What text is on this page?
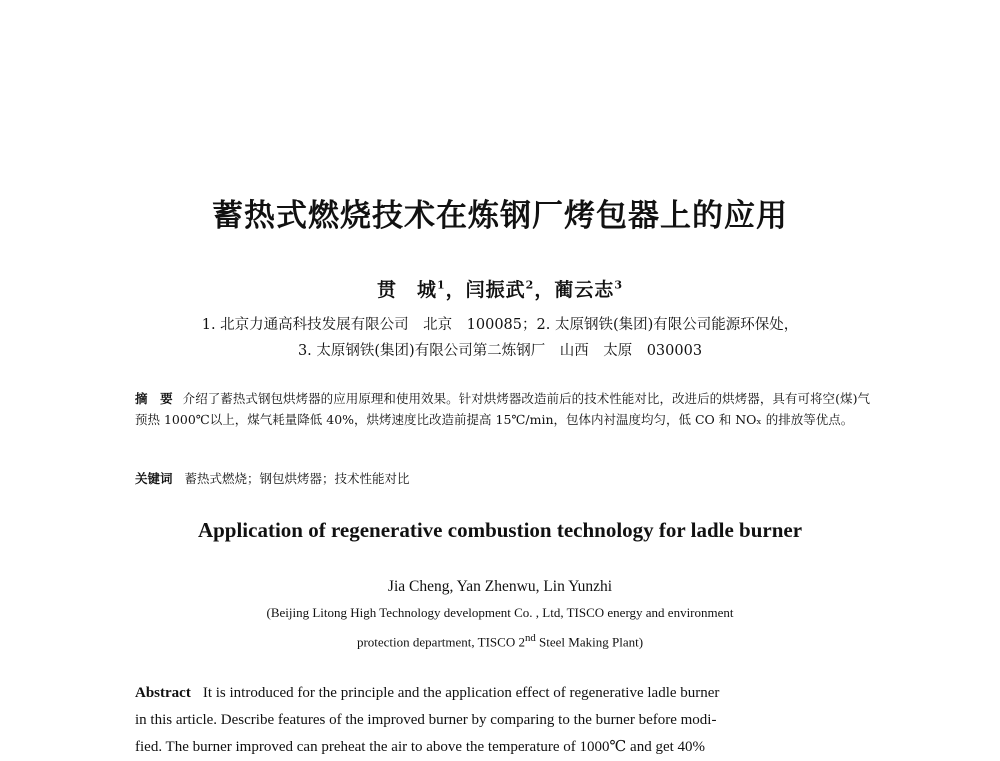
蓄热式燃烧技术在炼钢厂烤包器上的应用
贯　城$^1$，闫振武$^2$，蔺云志$^3$
1. 北京力通高科技发展有限公司　北京　100085；2. 太原钢铁(集团)有限公司能源环保处，
3. 太原钢铁(集团)有限公司第二炼钢厂　山西　太原　030003
摘　要 介绍了蓄热式钢包烘烤器的应用原理和使用效果。针对烘烤器改造前后的技术性能对比，改进后的烘烤器，具有可将空(煤)气预热 1000℃以上，煤气耗量降低 40%，烘烤速度比改造前提高 15℃/min，包体内衬温度均匀，低 CO 和 NOₓ 的排放等优点。
关键词 蓄热式燃烧；钢包烘烤器；技术性能对比
Application of regenerative combustion technology for ladle burner
Jia Cheng, Yan Zhenwu, Lin Yunzhi
(Beijing Litong High Technology development Co. , Ltd, TISCO energy and environment
protection department, TISCO 2nd Steel Making Plant)
Abstract It is introduced for the principle and the application effect of regenerative ladle burner
in this article. Describe features of the improved burner by comparing to the burner before modi-
fied. The burner improved can preheat the air to above the temperature of 1000℃ and get 40%
